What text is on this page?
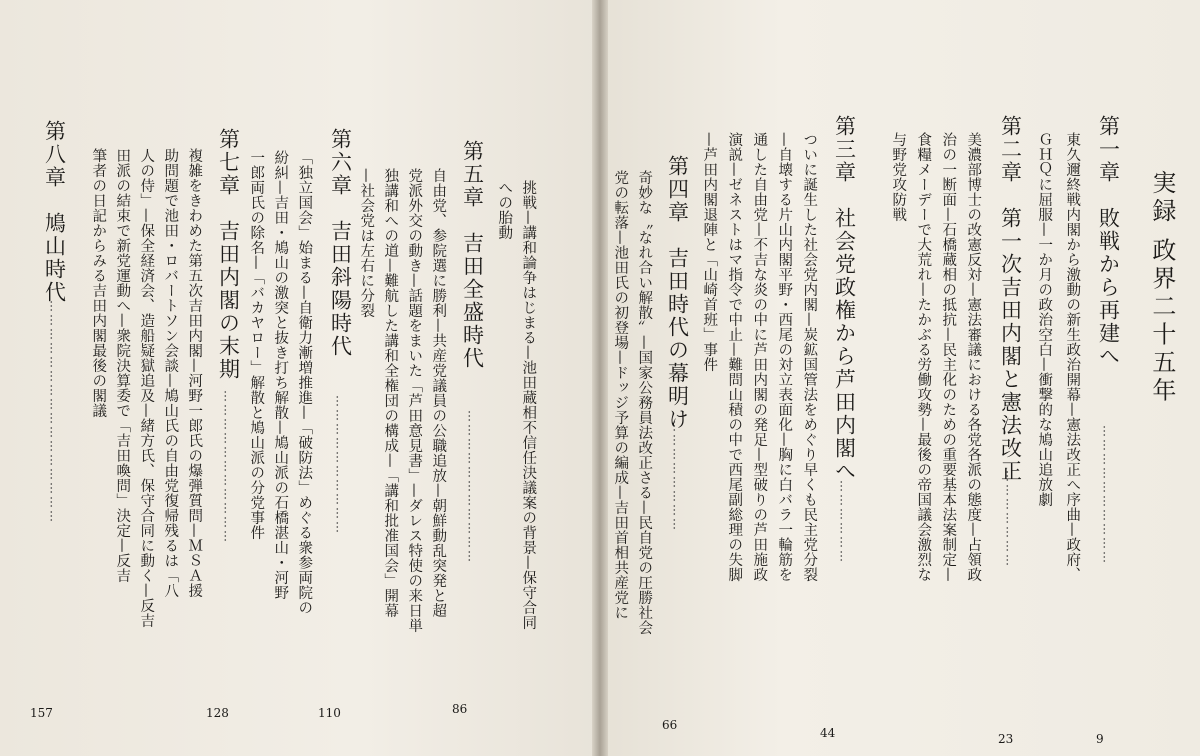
実録 政界二十五年
第一章　敗戦から再建へ
…………………………
9
東久邇終戦内閣から激動の新生政治開幕—憲法改正へ序曲—政府、
ＧＨＱに屈服—一か月の政治空白—衝撃的な鳩山追放劇
第二章　第一次吉田内閣と憲法改正
…………………
23
美濃部博士の改憲反対—憲法審議における各党各派の態度—占領政
治の一断面—石橋蔵相の抵抗—民主化のための重要基本法案制定—
食糧メーデーで大荒れ—たかぶる労働攻勢—最後の帝国議会激烈な
与野党攻防戦
第三章　社会党政権から芦田内閣へ
………………
44
ついに誕生した社会党内閣—炭鉱国管法をめぐり早くも民主党分裂
—自壊する片山内閣平野・西尾の対立表面化—胸に白バラ一輪筋を
通した自由党—不吉な炎の中に芦田内閣の発足—型破りの芦田施政
演説—ゼネストはマ指令で中止—難問山積の中で西尾副総理の失脚
—芦田内閣退陣と「山崎首班」事件
第四章　吉田時代の幕明け
……………………
66
奇妙な〝なれ合い解散〟—国家公務員法改正さる—民自党の圧勝社会
党の転落—池田氏の初登場—ドッジ予算の編成—吉田首相共産党に
挑戦—講和論争はじまる—池田蔵相不信任決議案の背景—保守合同
への胎動
第五章　吉田全盛時代
……………………………
86
自由党、参院選に勝利—共産党議員の公職追放—朝鮮動乱突発と超
党派外交の動き—話題をまいた「芦田意見書」—ダレス特使の来日単
独講和への道—難航した講和全権団の構成—「講和批准国会」開幕
—社会党は左右に分裂
第六章　吉田斜陽時代
…………………………
110
「独立国会」始まる—自衛力漸増推進—「破防法」めぐる衆参両院の
紛糾—吉田・鳩山の激突と抜き打ち解散—鳩山派の石橋湛山・河野
一郎両氏の除名—「バカヤロー」解散と鳩山派の分党事件
第七章　吉田内閣の末期
……………………………
128
複雑をきわめた第五次吉田内閣—河野一郎氏の爆弾質問—ＭＳＡ援
助問題で池田・ロバートソン会談—鳩山氏の自由党復帰残るは「八
人の侍」—保全経済会、造船疑獄追及—緒方氏、保守合同に動く—反吉
田派の結束で新党運動へ—衆院決算委で「吉田喚問」決定—反吉
筆者の日記からみる吉田内閣最後の閣議
第八章　鳩山時代
…………………………………………
157
